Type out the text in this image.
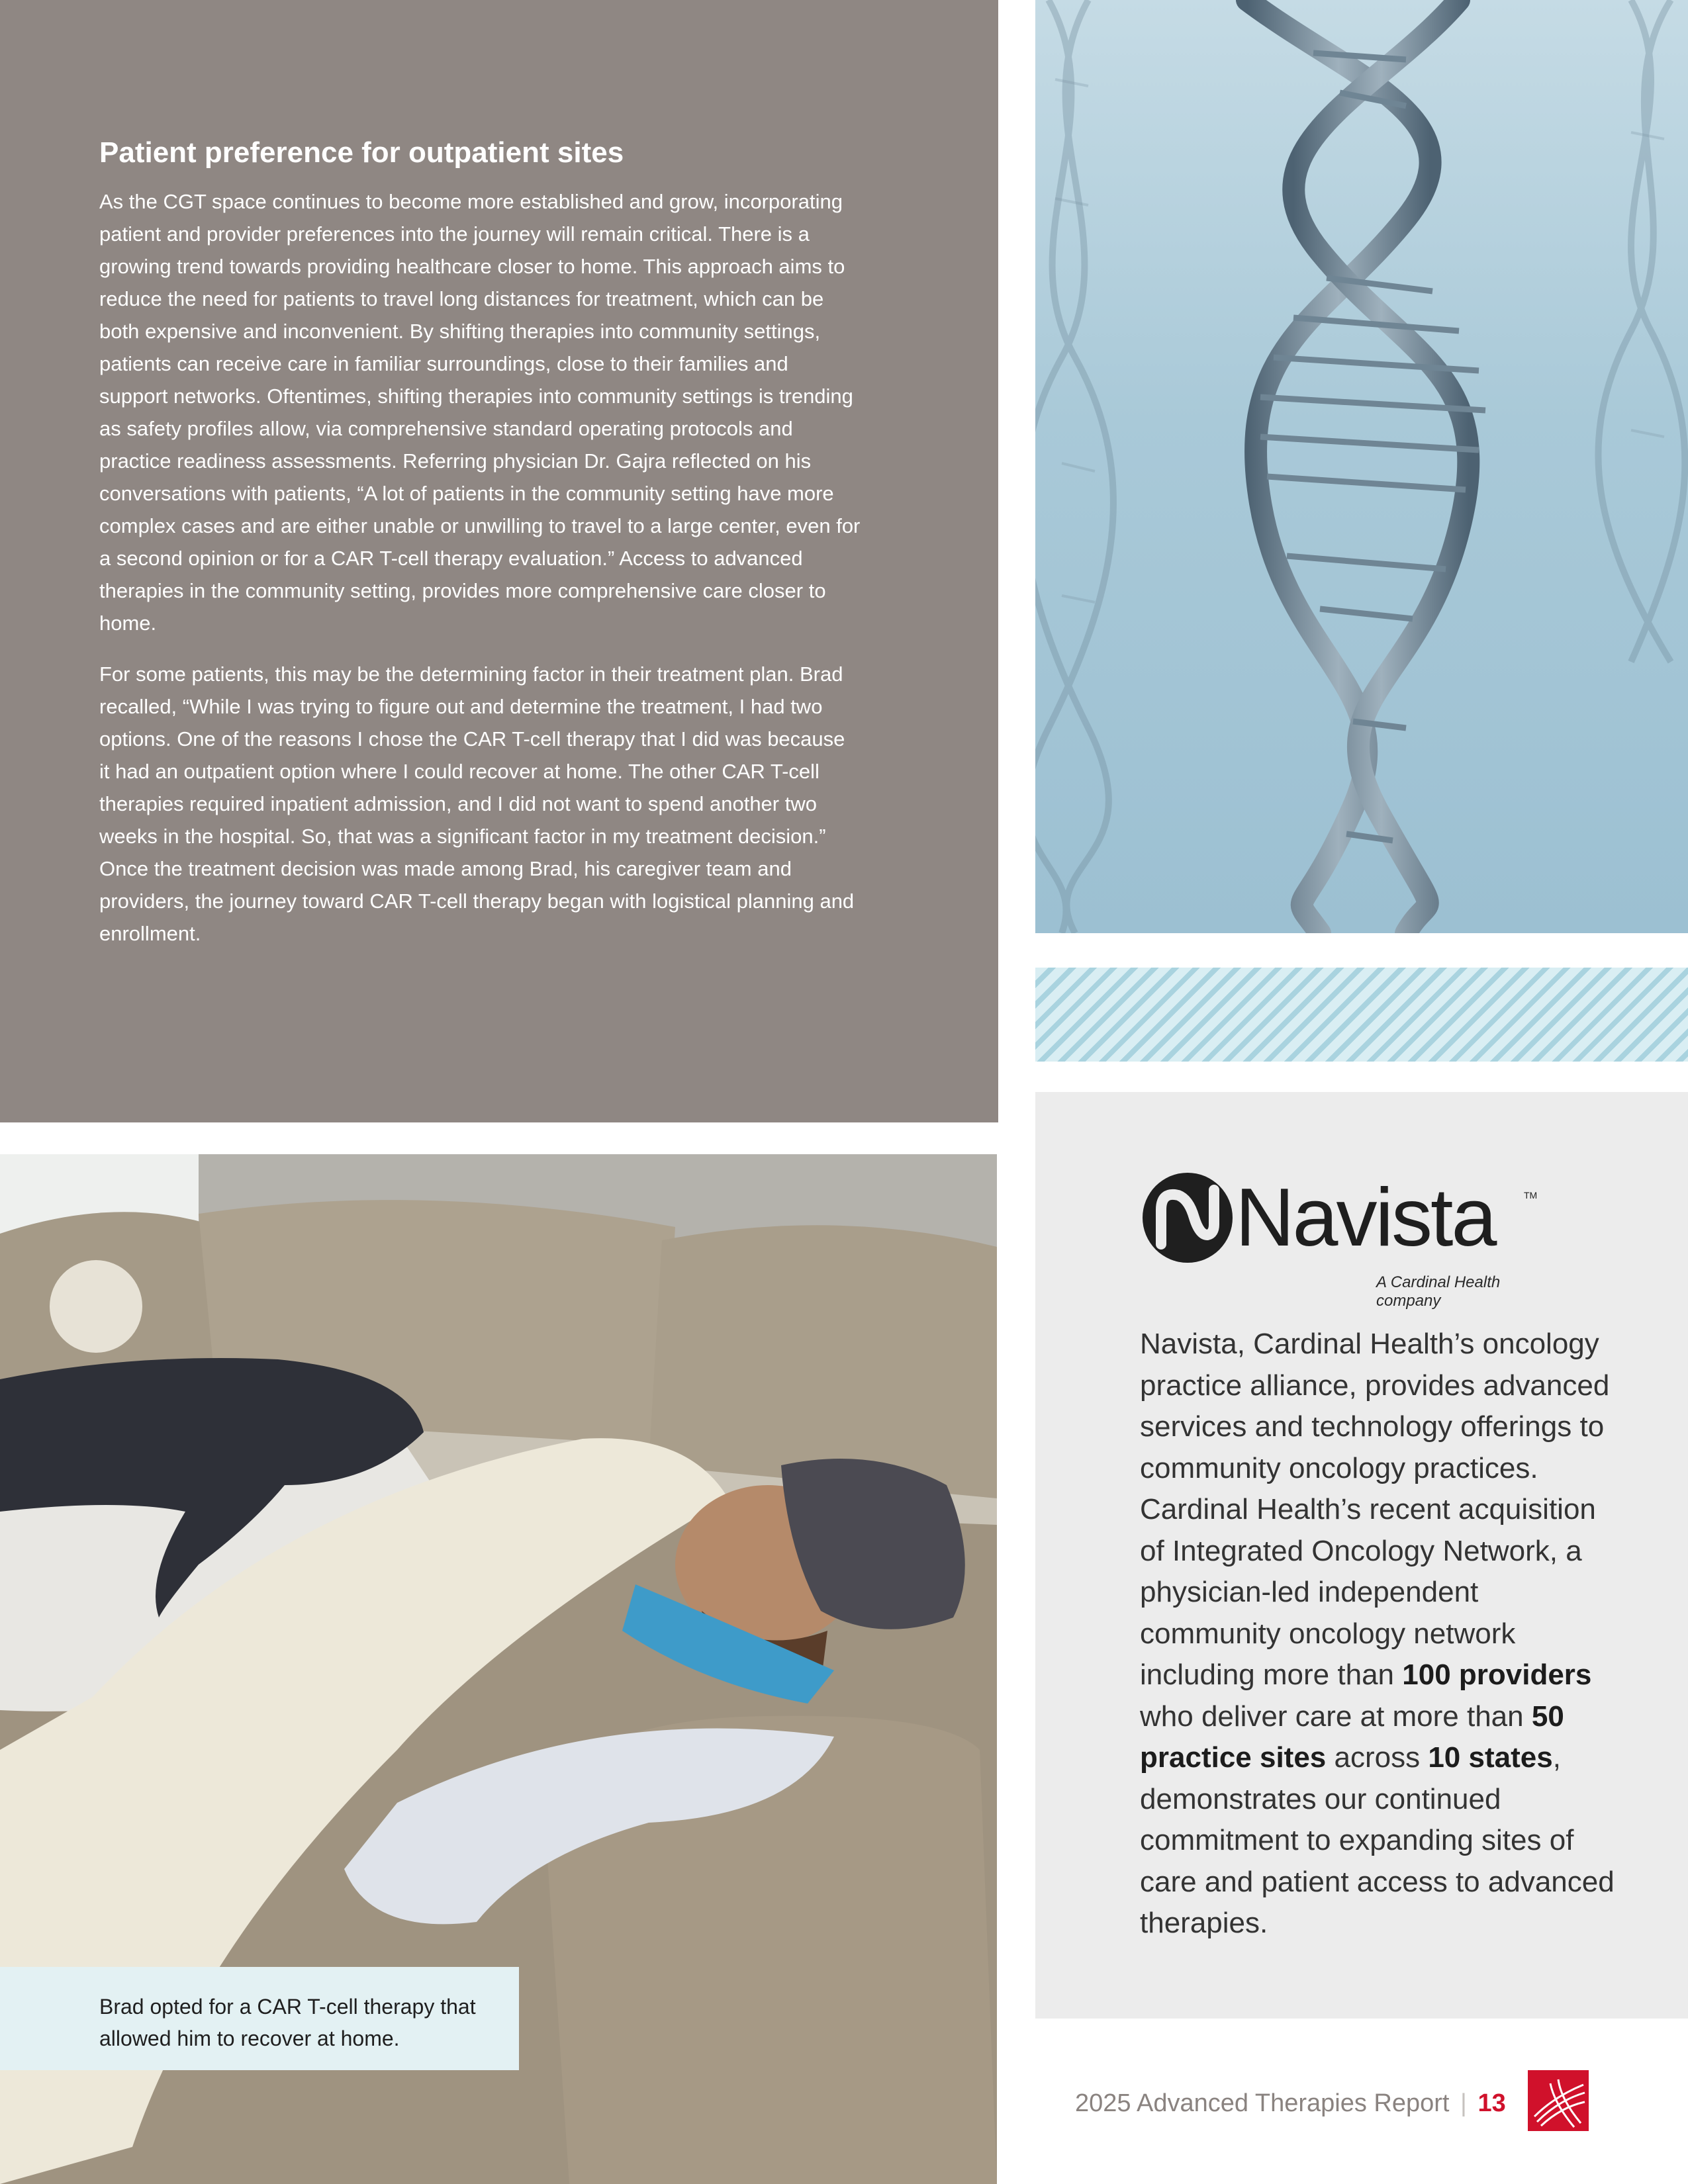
Patient preference for outpatient sites

As the CGT space continues to become more established and grow, incorporating patient and provider preferences into the journey will remain critical. There is a growing trend towards providing healthcare closer to home. This approach aims to reduce the need for patients to travel long distances for treatment, which can be both expensive and inconvenient. By shifting therapies into community settings, patients can receive care in familiar surroundings, close to their families and support networks. Oftentimes, shifting therapies into community settings is trending as safety profiles allow, via comprehensive standard operating protocols and practice readiness assessments. Referring physician Dr. Gajra reflected on his conversations with patients, “A lot of patients in the community setting have more complex cases and are either unable or unwilling to travel to a large center, even for a second opinion or for a CAR T-cell therapy evaluation.” Access to advanced therapies in the community setting, provides more comprehensive care closer to home.

For some patients, this may be the determining factor in their treatment plan. Brad recalled, “While I was trying to figure out and determine the treatment, I had two options. One of the reasons I chose the CAR T-cell therapy that I did was because it had an outpatient option where I could recover at home. The other CAR T-cell therapies required inpatient admission, and I did not want to spend another two weeks in the hospital. So, that was a significant factor in my treatment decision.” Once the treatment decision was made among Brad, his caregiver team and providers, the journey toward CAR T-cell therapy began with logistical planning and enrollment.

Brad opted for a CAR T-cell therapy that allowed him to recover at home.
Navista	TM
A Cardinal Health company
Navista, Cardinal Health’s oncology practice alliance, provides advanced services and technology offerings to community oncology practices. Cardinal Health’s recent acquisition of Integrated Oncology Network, a physician-led independent community oncology network including more than 100 providers who deliver care at more than 50 practice sites across 10 states, demonstrates our continued commitment to expanding sites of care and patient access to advanced therapies.
2025 Advanced Therapies Report | 13
